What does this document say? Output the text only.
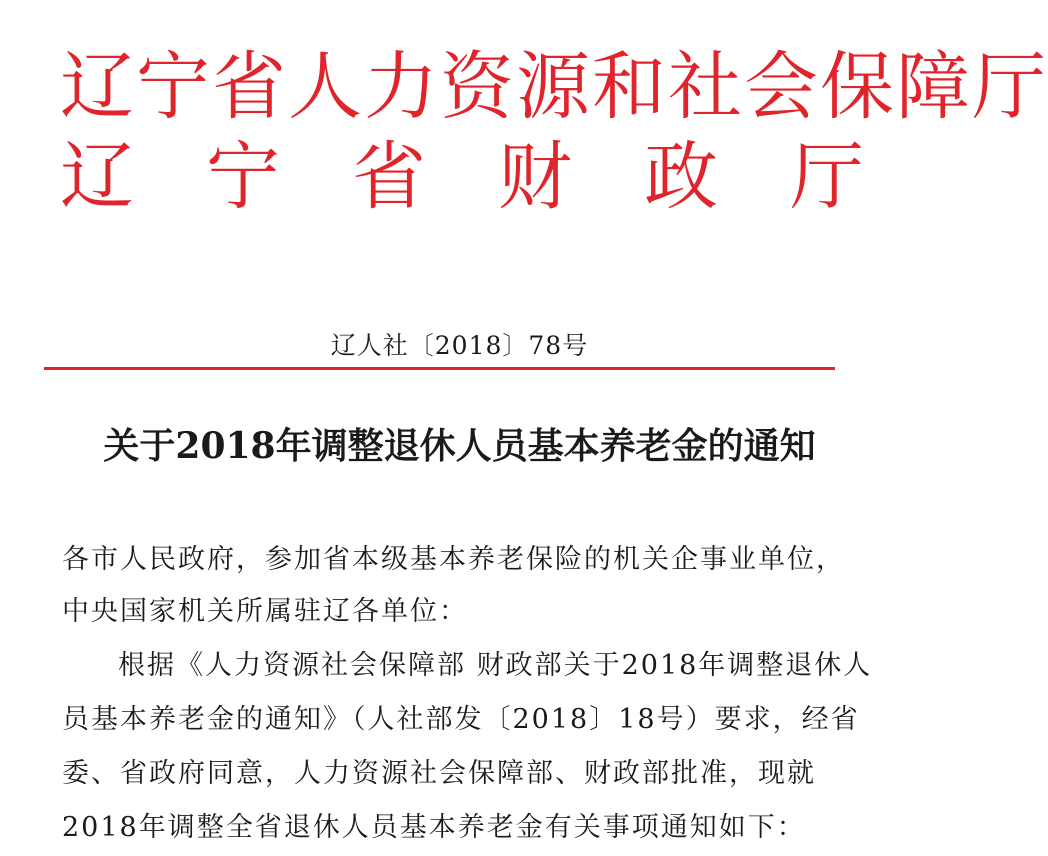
辽宁省人力资源和社会保障厅
辽宁省财政厅
辽人社〔2018〕78号
关于2018年调整退休人员基本养老金的通知
各市人民政府，参加省本级基本养老保险的机关企事业单位，
中央国家机关所属驻辽各单位：
根据《人力资源社会保障部 财政部关于2018年调整退休人
员基本养老金的通知》（人社部发〔2018〕18号）要求，经省
委、省政府同意，人力资源社会保障部、财政部批准，现就
2018年调整全省退休人员基本养老金有关事项通知如下：
